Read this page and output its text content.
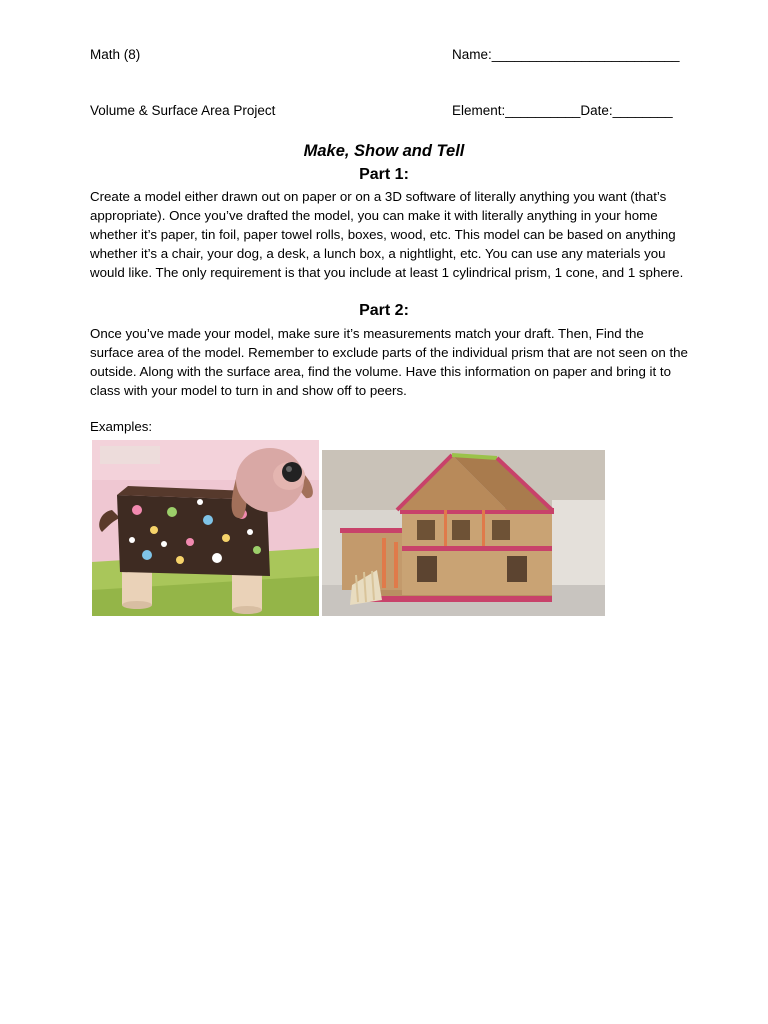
Math (8)	Name:_________________________
Volume & Surface Area Project	Element:__________Date:________
Make, Show and Tell
Part 1:

Create a model either drawn out on paper or on a 3D software of literally anything you want (that’s appropriate). Once you’ve drafted the model, you can make it with literally anything in your home whether it’s paper, tin foil, paper towel rolls, boxes, wood, etc. This model can be based on anything whether it’s a chair, your dog, a desk, a lunch box, a nightlight, etc. You can use any materials you would like. The only requirement is that you include at least 1 cylindrical prism, 1 cone, and 1 sphere.

Part 2:

Once you’ve made your model, make sure it’s measurements match your draft. Then, Find the surface area of the model. Remember to exclude parts of the individual prism that are not seen on the outside. Along with the surface area, find the volume. Have this information on paper and bring it to class with your model to turn in and show off to peers.

Examples:
